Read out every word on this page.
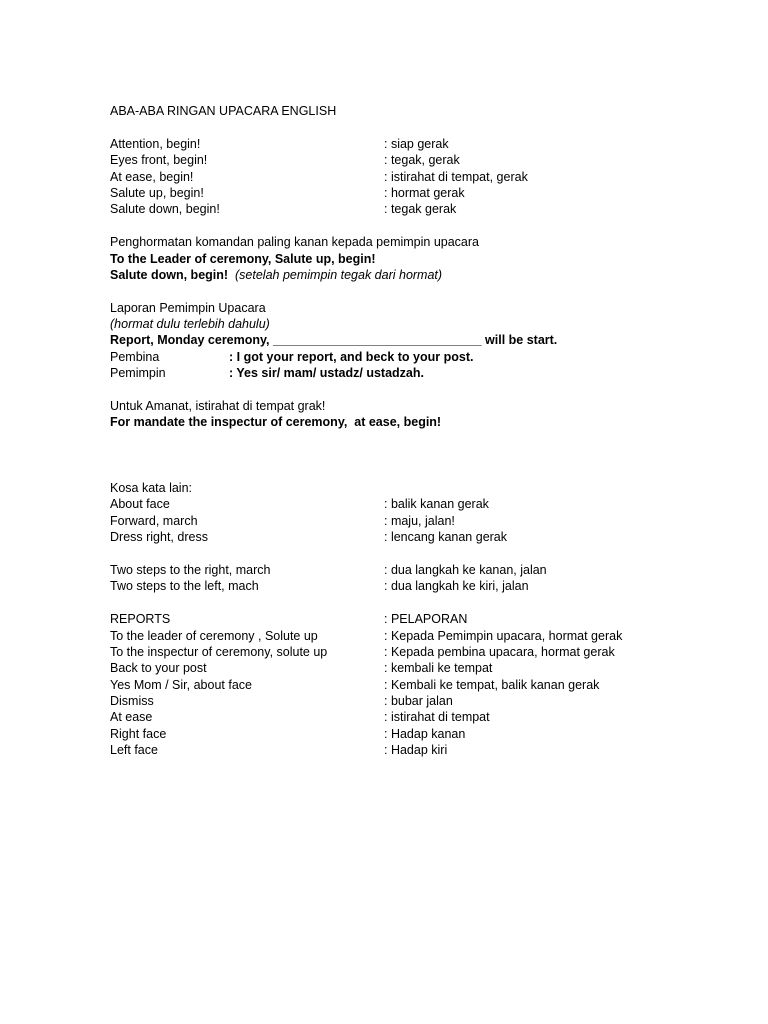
ABA-ABA RINGAN UPACARA ENGLISH

Attention, begin!

	: siap gerak

Eyes front, begin!

	: tegak, gerak

At ease, begin!

	: istirahat di tempat, gerak

Salute up, begin!

	: hormat gerak

Salute down, begin!

	: tegak gerak

Penghormatan komandan paling kanan kepada pemimpin upacara
To the Leader of ceremony, Salute up, begin!
Salute down, begin! (setelah pemimpin tegak dari hormat)
Laporan Pemimpin Upacara
(hormat dulu terlebih dahulu)
Report, Monday ceremony, ______________________________ will be start.

Pembina

	: I got your report, and beck to your post.

Pemimpin

	: Yes sir/ mam/ ustadz/ ustadzah.

Untuk Amanat, istirahat di tempat grak!
For mandate the inspectur of ceremony,  at ease, begin!
Kosa kata lain:

About face

	: balik kanan gerak

Forward, march

	: maju, jalan!

Dress right, dress

	: lencang kanan gerak

Two steps to the right, march

	: dua langkah ke kanan, jalan

Two steps to the left, mach

	: dua langkah ke kiri, jalan

REPORTS

	: PELAPORAN

To the leader of ceremony , Solute up

	: Kepada Pemimpin upacara, hormat gerak

To the inspectur of ceremony, solute up

	: Kepada pembina upacara, hormat gerak

Back to your post

	: kembali ke tempat

Yes Mom / Sir, about face

	: Kembali ke tempat, balik kanan gerak

Dismiss

	: bubar jalan

At ease

	: istirahat di tempat

Right face

	: Hadap kanan

Left face

	: Hadap kiri
